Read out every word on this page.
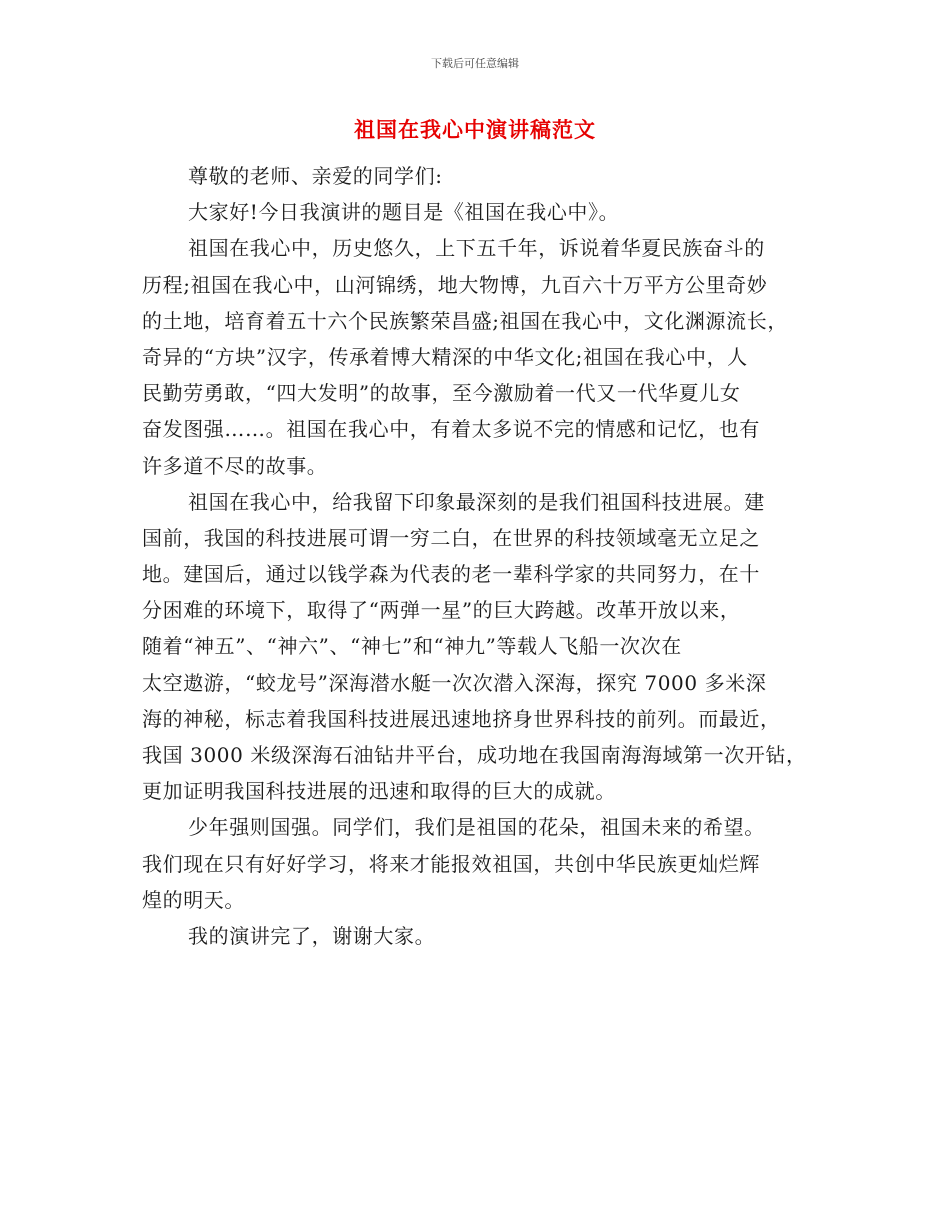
下载后可任意编辑
祖国在我心中演讲稿范文
尊敬的老师、亲爱的同学们:
大家好!今日我演讲的题目是《祖国在我心中》。
祖国在我心中，历史悠久，上下五千年，诉说着华夏民族奋斗的
历程;祖国在我心中，山河锦绣，地大物博，九百六十万平方公里奇妙
的土地，培育着五十六个民族繁荣昌盛;祖国在我心中，文化渊源流长，
奇异的“方块”汉字，传承着博大精深的中华文化;祖国在我心中，人
民勤劳勇敢，“四大发明”的故事，至今激励着一代又一代华夏儿女
奋发图强……。祖国在我心中，有着太多说不完的情感和记忆，也有
许多道不尽的故事。
祖国在我心中，给我留下印象最深刻的是我们祖国科技进展。建
国前，我国的科技进展可谓一穷二白，在世界的科技领域毫无立足之
地。建国后，通过以钱学森为代表的老一辈科学家的共同努力，在十
分困难的环境下，取得了“两弹一星”的巨大跨越。改革开放以来，
随着“神五”、“神六”、“神七”和“神九”等载人飞船一次次在
太空遨游，“蛟龙号”深海潜水艇一次次潜入深海，探究 7000 多米深
海的神秘，标志着我国科技进展迅速地挤身世界科技的前列。而最近，
我国 3000 米级深海石油钻井平台，成功地在我国南海海域第一次开钻，
更加证明我国科技进展的迅速和取得的巨大的成就。
少年强则国强。同学们，我们是祖国的花朵，祖国未来的希望。
我们现在只有好好学习，将来才能报效祖国，共创中华民族更灿烂辉
煌的明天。
我的演讲完了，谢谢大家。
